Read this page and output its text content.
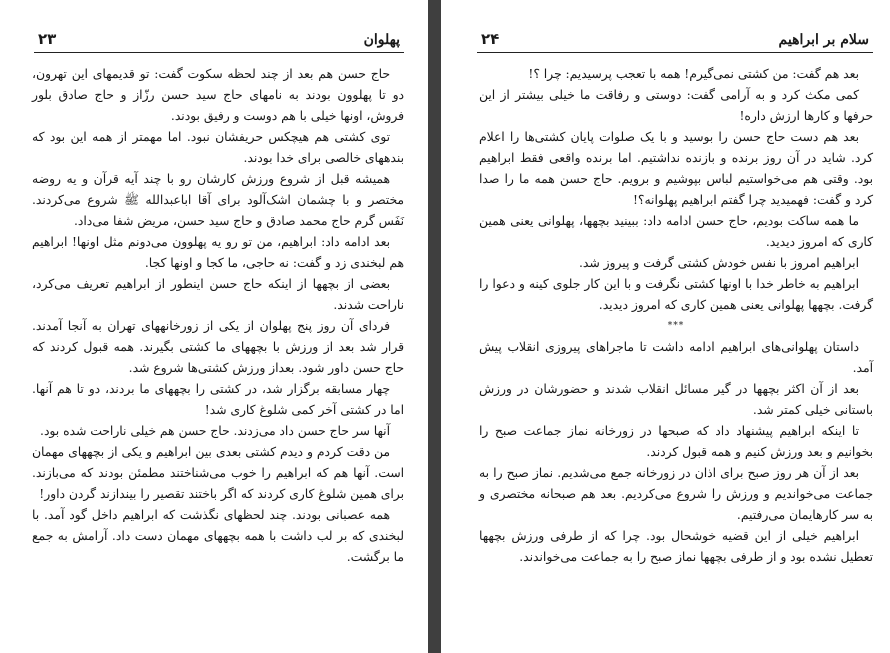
پهلوان
۲۳

حاج حسن هم بعد از چند لحظه سکوت گفت: تو قدیمهای این تهرون، دو تا پهلوون بودند به نامهای حاج سید حسن رزّاز و حاج صادق بلور فروش، اونها خیلی با هم دوست و رفیق بودند.

توی کشتی هم هیچکس حریفشان نبود. اما مهمتر از همه این بود که بندههای خالصی برای خدا بودند.

همیشه قبل از شروع ورزش کارشان رو با چند آیه قرآن و یه روضه مختصر و با چشمان اشک‌آلود برای آقا اباعبدالله ﷺ شروع می‌کردند. نَفَس گرم حاج محمد صادق و حاج سید حسن، مریض شفا می‌داد.

بعد ادامه داد: ابراهیم، من تو رو یه پهلوون می‌دونم مثل اونها! ابراهیم هم لبخندی زد و گفت: نه حاجی، ما کجا و اونها کجا.

بعضی از بچهها از اینکه حاج حسن اینطور از ابراهیم تعریف می‌کرد، ناراحت شدند.

فردای آن روز پنج پهلوان از یکی از زورخانههای تهران به آنجا آمدند. قرار شد بعد از ورزش با بچههای ما کشتی بگیرند. همه قبول کردند که حاج حسن داور شود. بعداز ورزش کشتی‌ها شروع شد.

چهار مسابقه برگزار شد، در کشتی را بچههای ما بردند، دو تا هم آنها. اما در کشتی آخر کمی شلوغ کاری شد!

آنها سر حاج حسن داد می‌زدند. حاج حسن هم خیلی ناراحت شده بود.

من دقت کردم و دیدم کشتی بعدی بین ابراهیم و یکی از بچههای مهمان است. آنها هم که ابراهیم را خوب می‌شناختند مطمئن بودند که می‌بازند. برای همین شلوغ کاری کردند که اگر باختند تقصیر را بیندازند گردن داور!

همه عصبانی بودند. چند لحظهای نگذشت که ابراهیم داخل گود آمد. با لبخندی که بر لب داشت با همه بچههای مهمان دست داد. آرامش به جمع ما برگشت.

سلام بر ابراهیم
۲۴

بعد هم گفت: من کشتی نمی‌گیرم! همه با تعجب پرسیدیم: چرا ؟!

کمی مکث کرد و به آرامی گفت: دوستی و رفاقت ما خیلی بیشتر از این حرفها و کارها ارزش داره!

بعد هم دست حاج حسن را بوسید و با یک صلوات پایان کشتی‌ها را اعلام کرد. شاید در آن روز برنده و بازنده نداشتیم. اما برنده واقعی فقط ابراهیم بود. وقتی هم می‌خواستیم لباس بپوشیم و برویم. حاج حسن همه ما را صدا کرد و گفت: فهمیدید چرا گفتم ابراهیم پهلوانه؟!

ما همه ساکت بودیم، حاج حسن ادامه داد: ببینید بچهها، پهلوانی یعنی همین کاری که امروز دیدید.

ابراهیم امروز با نفس خودش کشتی گرفت و پیروز شد.

ابراهیم به خاطر خدا با اونها کشتی نگرفت و با این کار جلوی کینه و دعوا را گرفت. بچهها پهلوانی یعنی همین کاری که امروز دیدید.

***

داستان پهلوانی‌های ابراهیم ادامه داشت تا ماجراهای پیروزی انقلاب پیش آمد.

بعد از آن اکثر بچهها در گیر مسائل انقلاب شدند و حضورشان در ورزش باستانی خیلی کمتر شد.

تا اینکه ابراهیم پیشنهاد داد که صبحها در زورخانه نماز جماعت صبح را بخوانیم و بعد ورزش کنیم و همه قبول کردند.

بعد از آن هر روز صبح برای اذان در زورخانه جمع می‌شدیم. نماز صبح را به جماعت می‌خواندیم و ورزش را شروع می‌کردیم. بعد هم صبحانه مختصری و به سر کارهایمان می‌رفتیم.

ابراهیم خیلی از این قضیه خوشحال بود. چرا که از طرفی ورزش بچهها تعطیل نشده بود و از طرفی بچهها نماز صبح را به جماعت می‌خواندند.
